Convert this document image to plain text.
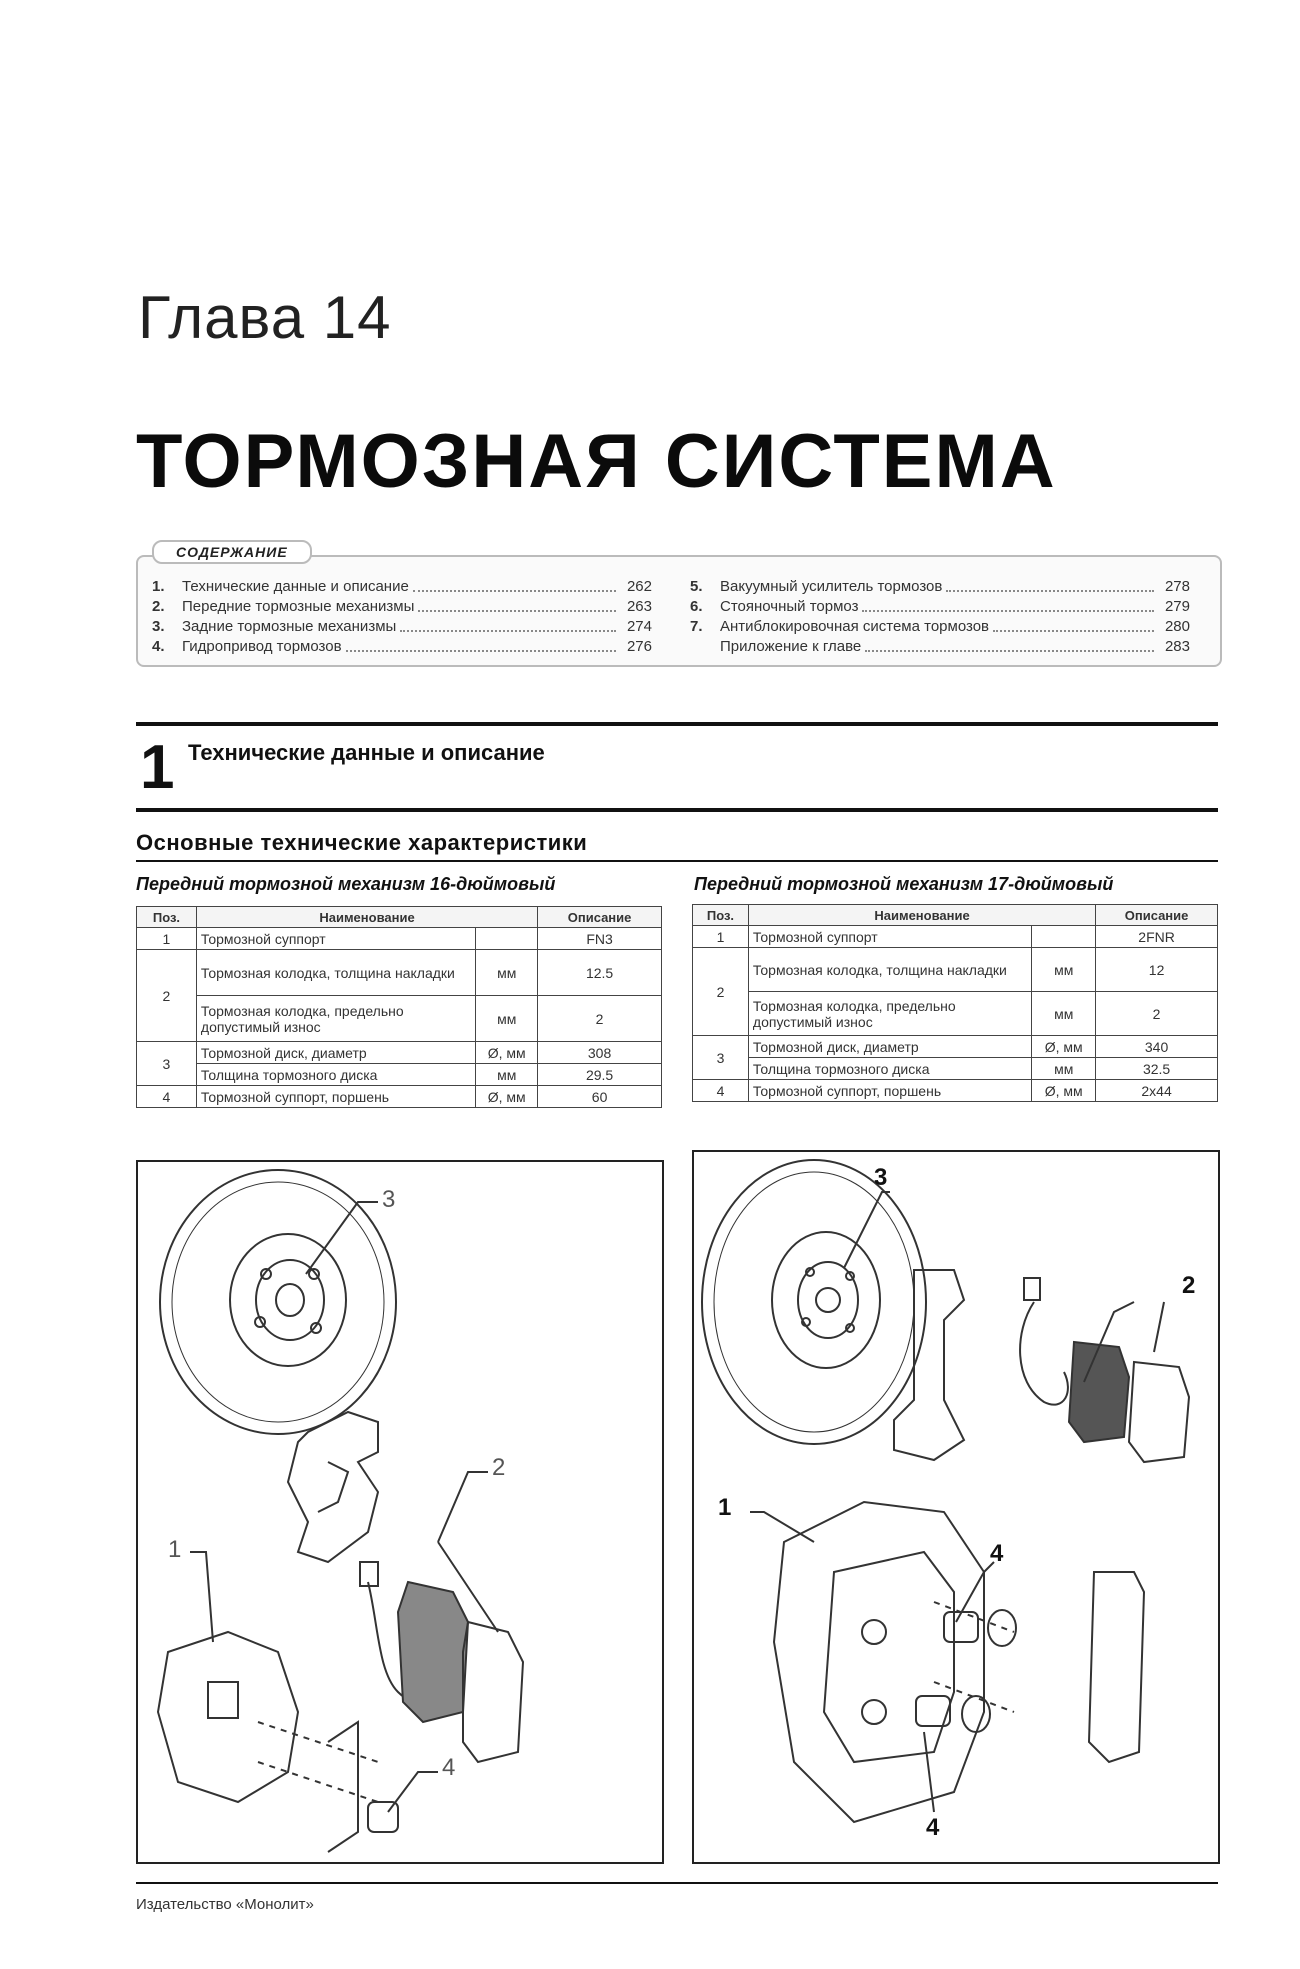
Глава 14
ТОРМОЗНАЯ СИСТЕМА
1.	Технические данные и описание	262
2.	Передние тормозные механизмы	263
3.	Задние тормозные механизмы	274
4.	Гидропривод тормозов	276
5.	Вакуумный усилитель тормозов	278
6.	Стояночный тормоз	279
7.	Антиблокировочная система тормозов	280
Приложение к главе	283
СОДЕРЖАНИЕ
1 Технические данные и описание
Основные технические характеристики
Передний тормозной механизм 16-дюймовый
Поз.	Наименование		Описание
1	Тормозной суппорт		FN3
2	Тормозная колодка, толщина накладки	мм	12.5
	Тормозная колодка, предельно допустимый износ	мм	2
3	Тормозной диск, диаметр	Ø, мм	308
	Толщина тормозного диска	мм	29.5
4	Тормозной суппорт, поршень	Ø, мм	60
Передний тормозной механизм 17-дюймовый
Поз.	Наименование		Описание
1	Тормозной суппорт		2FNR
2	Тормозная колодка, толщина накладки	мм	12
	Тормозная колодка, предельно допустимый износ	мм	2
3	Тормозной диск, диаметр	Ø, мм	340
	Толщина тормозного диска	мм	32.5
4	Тормозной суппорт, поршень	Ø, мм	2x44
3
2
1
4
3
2
1
4
4
Издательство «Монолит»
